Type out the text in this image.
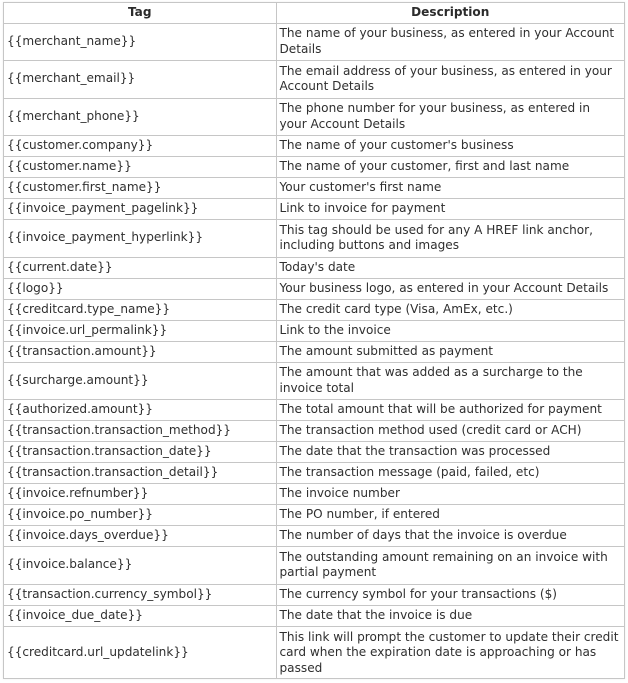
Tag	Description
{{merchant_name}}	The name of your business, as entered in your Account Details
{{merchant_email}}	The email address of your business, as entered in your Account Details
{{merchant_phone}}	The phone number for your business, as entered in your Account Details
{{customer.company}}	The name of your customer's business
{{customer.name}}	The name of your customer, first and last name
{{customer.first_name}}	Your customer's first name
{{invoice_payment_pagelink}}	Link to invoice for payment
{{invoice_payment_hyperlink}}	This tag should be used for any A HREF link anchor, including buttons and images
{{current.date}}	Today's date
{{logo}}	Your business logo, as entered in your Account Details
{{creditcard.type_name}}	The credit card type (Visa, AmEx, etc.)
{{invoice.url_permalink}}	Link to the invoice
{{transaction.amount}}	The amount submitted as payment
{{surcharge.amount}}	The amount that was added as a surcharge to the invoice total
{{authorized.amount}}	The total amount that will be authorized for payment
{{transaction.transaction_method}}	The transaction method used (credit card or ACH)
{{transaction.transaction_date}}	The date that the transaction was processed
{{transaction.transaction_detail}}	The transaction message (paid, failed, etc)
{{invoice.refnumber}}	The invoice number
{{invoice.po_number}}	The PO number, if entered
{{invoice.days_overdue}}	The number of days that the invoice is overdue
{{invoice.balance}}	The outstanding amount remaining on an invoice with partial payment
{{transaction.currency_symbol}}	The currency symbol for your transactions ($)
{{invoice_due_date}}	The date that the invoice is due
{{creditcard.url_updatelink}}	This link will prompt the customer to update their credit card when the expiration date is approaching or has passed
